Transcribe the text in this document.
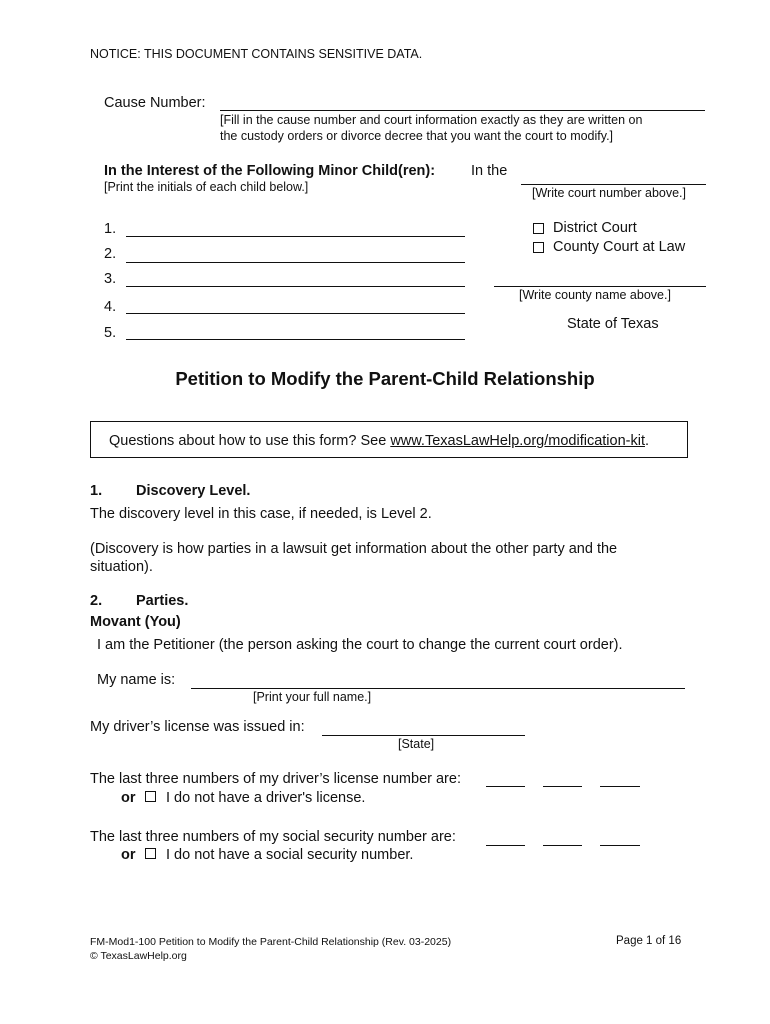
NOTICE: THIS DOCUMENT CONTAINS SENSITIVE DATA.
Cause Number:
[Fill in the cause number and court information exactly as they are written on
the custody orders or divorce decree that you want the court to modify.]
In the Interest of the Following Minor Child(ren):
[Print the initials of each child below.]
In the
[Write court number above.]
1.
2.
3.
4.
5.
District Court
County Court at Law
[Write county name above.]
State of Texas
Petition to Modify the Parent-Child Relationship
Questions about how to use this form? See www.TexasLawHelp.org/modification-kit.
1. Discovery Level.
The discovery level in this case, if needed, is Level 2.
(Discovery is how parties in a lawsuit get information about the other party and the
situation).
2. Parties.
Movant (You)
I am the Petitioner (the person asking the court to change the current court order).
My name is:
[Print your full name.]
My driver’s license was issued in:
[State]
The last three numbers of my driver’s license number are:
or I do not have a driver's license.
The last three numbers of my social security number are:
or I do not have a social security number.
FM-Mod1-100 Petition to Modify the Parent-Child Relationship (Rev. 03-2025)
© TexasLawHelp.org
Page 1 of 16
